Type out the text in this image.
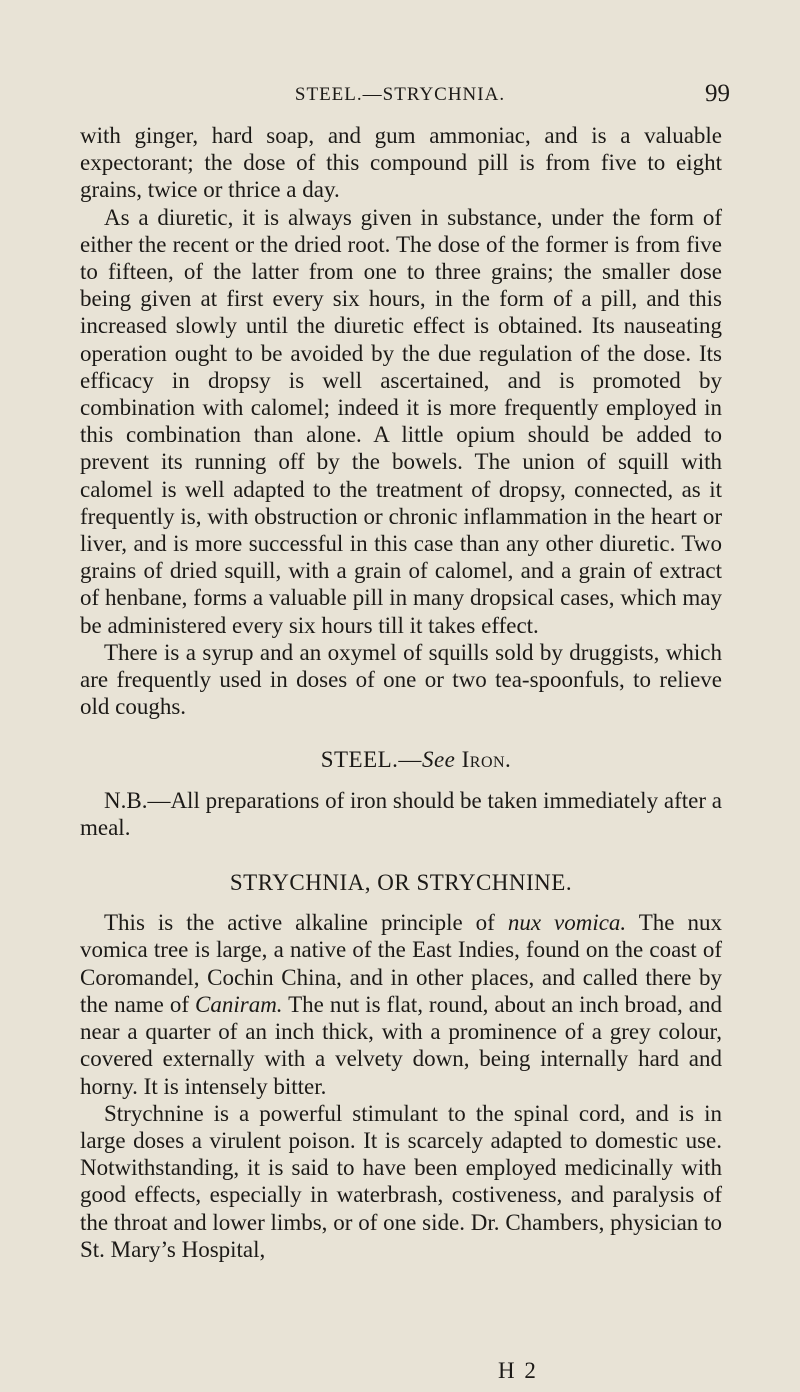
STEEL.—STRYCHNIA.	99

with ginger, hard soap, and gum ammoniac, and is a valuable expectorant; the dose of this compound pill is from five to eight grains, twice or thrice a day.

As a diuretic, it is always given in substance, under the form of either the recent or the dried root. The dose of the former is from five to fifteen, of the latter from one to three grains; the smaller dose being given at first every six hours, in the form of a pill, and this increased slowly until the diuretic effect is obtained. Its nauseating operation ought to be avoided by the due regulation of the dose. Its efficacy in dropsy is well ascertained, and is promoted by combination with calomel; indeed it is more frequently employed in this combination than alone. A little opium should be added to prevent its running off by the bowels. The union of squill with calomel is well adapted to the treatment of dropsy, connected, as it frequently is, with obstruction or chronic inflammation in the heart or liver, and is more successful in this case than any other diuretic. Two grains of dried squill, with a grain of calomel, and a grain of extract of henbane, forms a valuable pill in many dropsical cases, which may be administered every six hours till it takes effect.

There is a syrup and an oxymel of squills sold by druggists, which are frequently used in doses of one or two tea-spoonfuls, to relieve old coughs.

STEEL.—See Iron.

N.B.—All preparations of iron should be taken immediately after a meal.

STRYCHNIA, OR STRYCHNINE.

This is the active alkaline principle of nux vomica. The nux vomica tree is large, a native of the East Indies, found on the coast of Coromandel, Cochin China, and in other places, and called there by the name of Caniram. The nut is flat, round, about an inch broad, and near a quarter of an inch thick, with a prominence of a grey colour, covered externally with a velvety down, being internally hard and horny. It is intensely bitter.

Strychnine is a powerful stimulant to the spinal cord, and is in large doses a virulent poison. It is scarcely adapted to domestic use. Notwithstanding, it is said to have been employed medicinally with good effects, especially in waterbrash, costiveness, and paralysis of the throat and lower limbs, or of one side. Dr. Chambers, physician to St. Mary’s Hospital,

H 2
